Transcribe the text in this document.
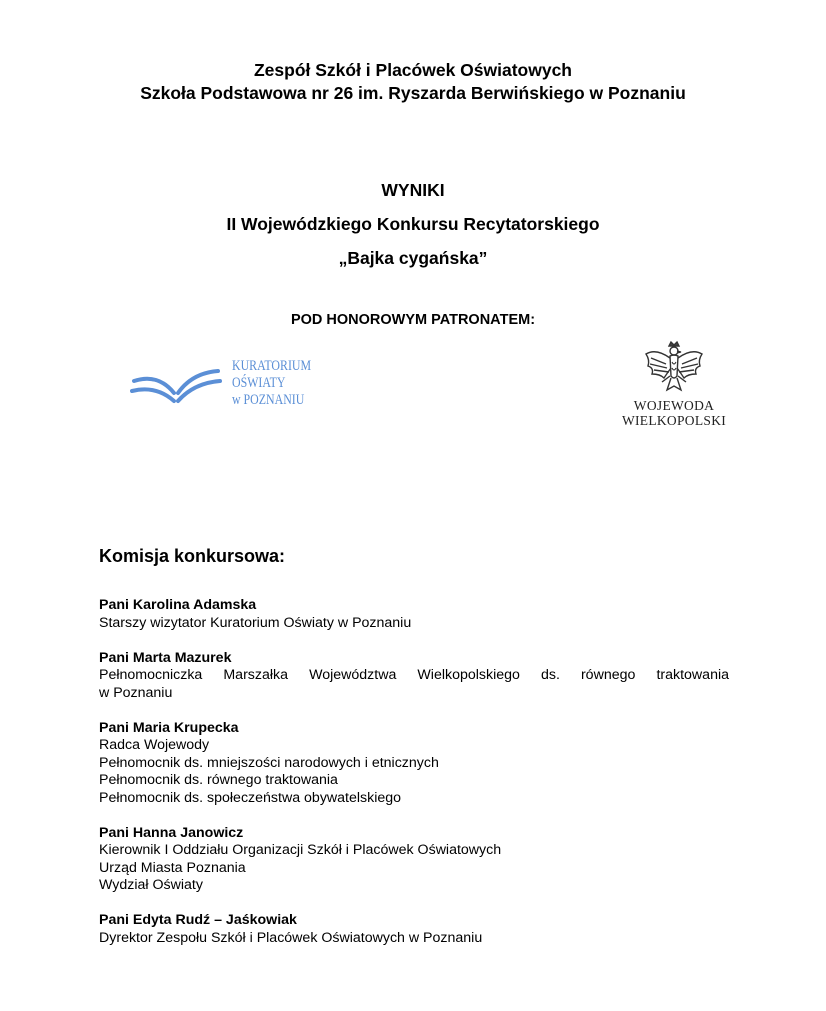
Zespół Szkół i Placówek Oświatowych
Szkoła Podstawowa nr 26 im. Ryszarda Berwińskiego w Poznaniu
WYNIKI
II Wojewódzkiego Konkursu Recytatorskiego
„Bajka cygańska”
POD HONOROWYM PATRONATEM:
KURATORIUM
OŚWIATY
w POZNANIU	WOJEWODA
WIELKOPOLSKI
Komisja konkursowa:
Pani Karolina Adamska
Starszy wizytator Kuratorium Oświaty w Poznaniu
Pani Marta Mazurek
Pełnomocniczka Marszałka Województwa Wielkopolskiego ds. równego traktowania
w Poznaniu
Pani Maria Krupecka
Radca Wojewody
Pełnomocnik ds. mniejszości narodowych i etnicznych
Pełnomocnik ds. równego traktowania
Pełnomocnik ds. społeczeństwa obywatelskiego
Pani Hanna Janowicz
Kierownik I Oddziału Organizacji Szkół i Placówek Oświatowych
Urząd Miasta Poznania
Wydział Oświaty
Pani Edyta Rudź – Jaśkowiak
Dyrektor Zespołu Szkół i Placówek Oświatowych w Poznaniu
